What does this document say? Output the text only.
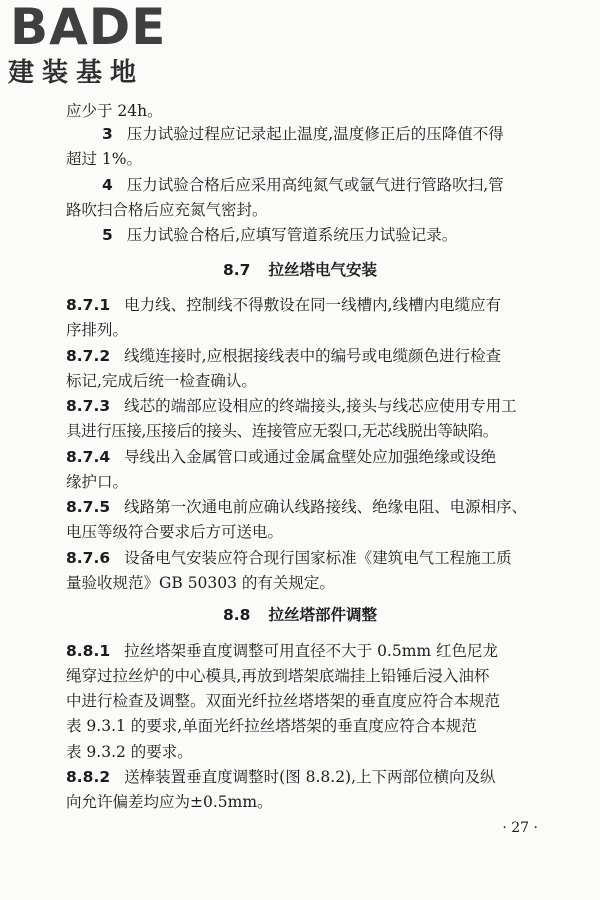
BADE
建装基地
应少于 24h。
3 压力试验过程应记录起止温度,温度修正后的压降值不得
超过 1%。
4 压力试验合格后应采用高纯氮气或氩气进行管路吹扫,管
路吹扫合格后应充氮气密封。
5 压力试验合格后,应填写管道系统压力试验记录。
8.7 拉丝塔电气安装
8.7.1 电力线、控制线不得敷设在同一线槽内,线槽内电缆应有
序排列。
8.7.2 线缆连接时,应根据接线表中的编号或电缆颜色进行检查
标记,完成后统一检查确认。
8.7.3 线芯的端部应设相应的终端接头,接头与线芯应使用专用工
具进行压接,压接后的接头、连接管应无裂口,无芯线脱出等缺陷。
8.7.4 导线出入金属管口或通过金属盒壁处应加强绝缘或设绝
缘护口。
8.7.5 线路第一次通电前应确认线路接线、绝缘电阻、电源相序、
电压等级符合要求后方可送电。
8.7.6 设备电气安装应符合现行国家标准《建筑电气工程施工质
量验收规范》GB 50303 的有关规定。
8.8 拉丝塔部件调整
8.8.1 拉丝塔架垂直度调整可用直径不大于 0.5mm 红色尼龙
绳穿过拉丝炉的中心模具,再放到塔架底端挂上铅锤后浸入油杯
中进行检查及调整。双面光纤拉丝塔塔架的垂直度应符合本规范
表 9.3.1 的要求,单面光纤拉丝塔塔架的垂直度应符合本规范
表 9.3.2 的要求。
8.8.2 送棒装置垂直度调整时(图 8.8.2),上下两部位横向及纵
向允许偏差均应为±0.5mm。
· 27 ·
